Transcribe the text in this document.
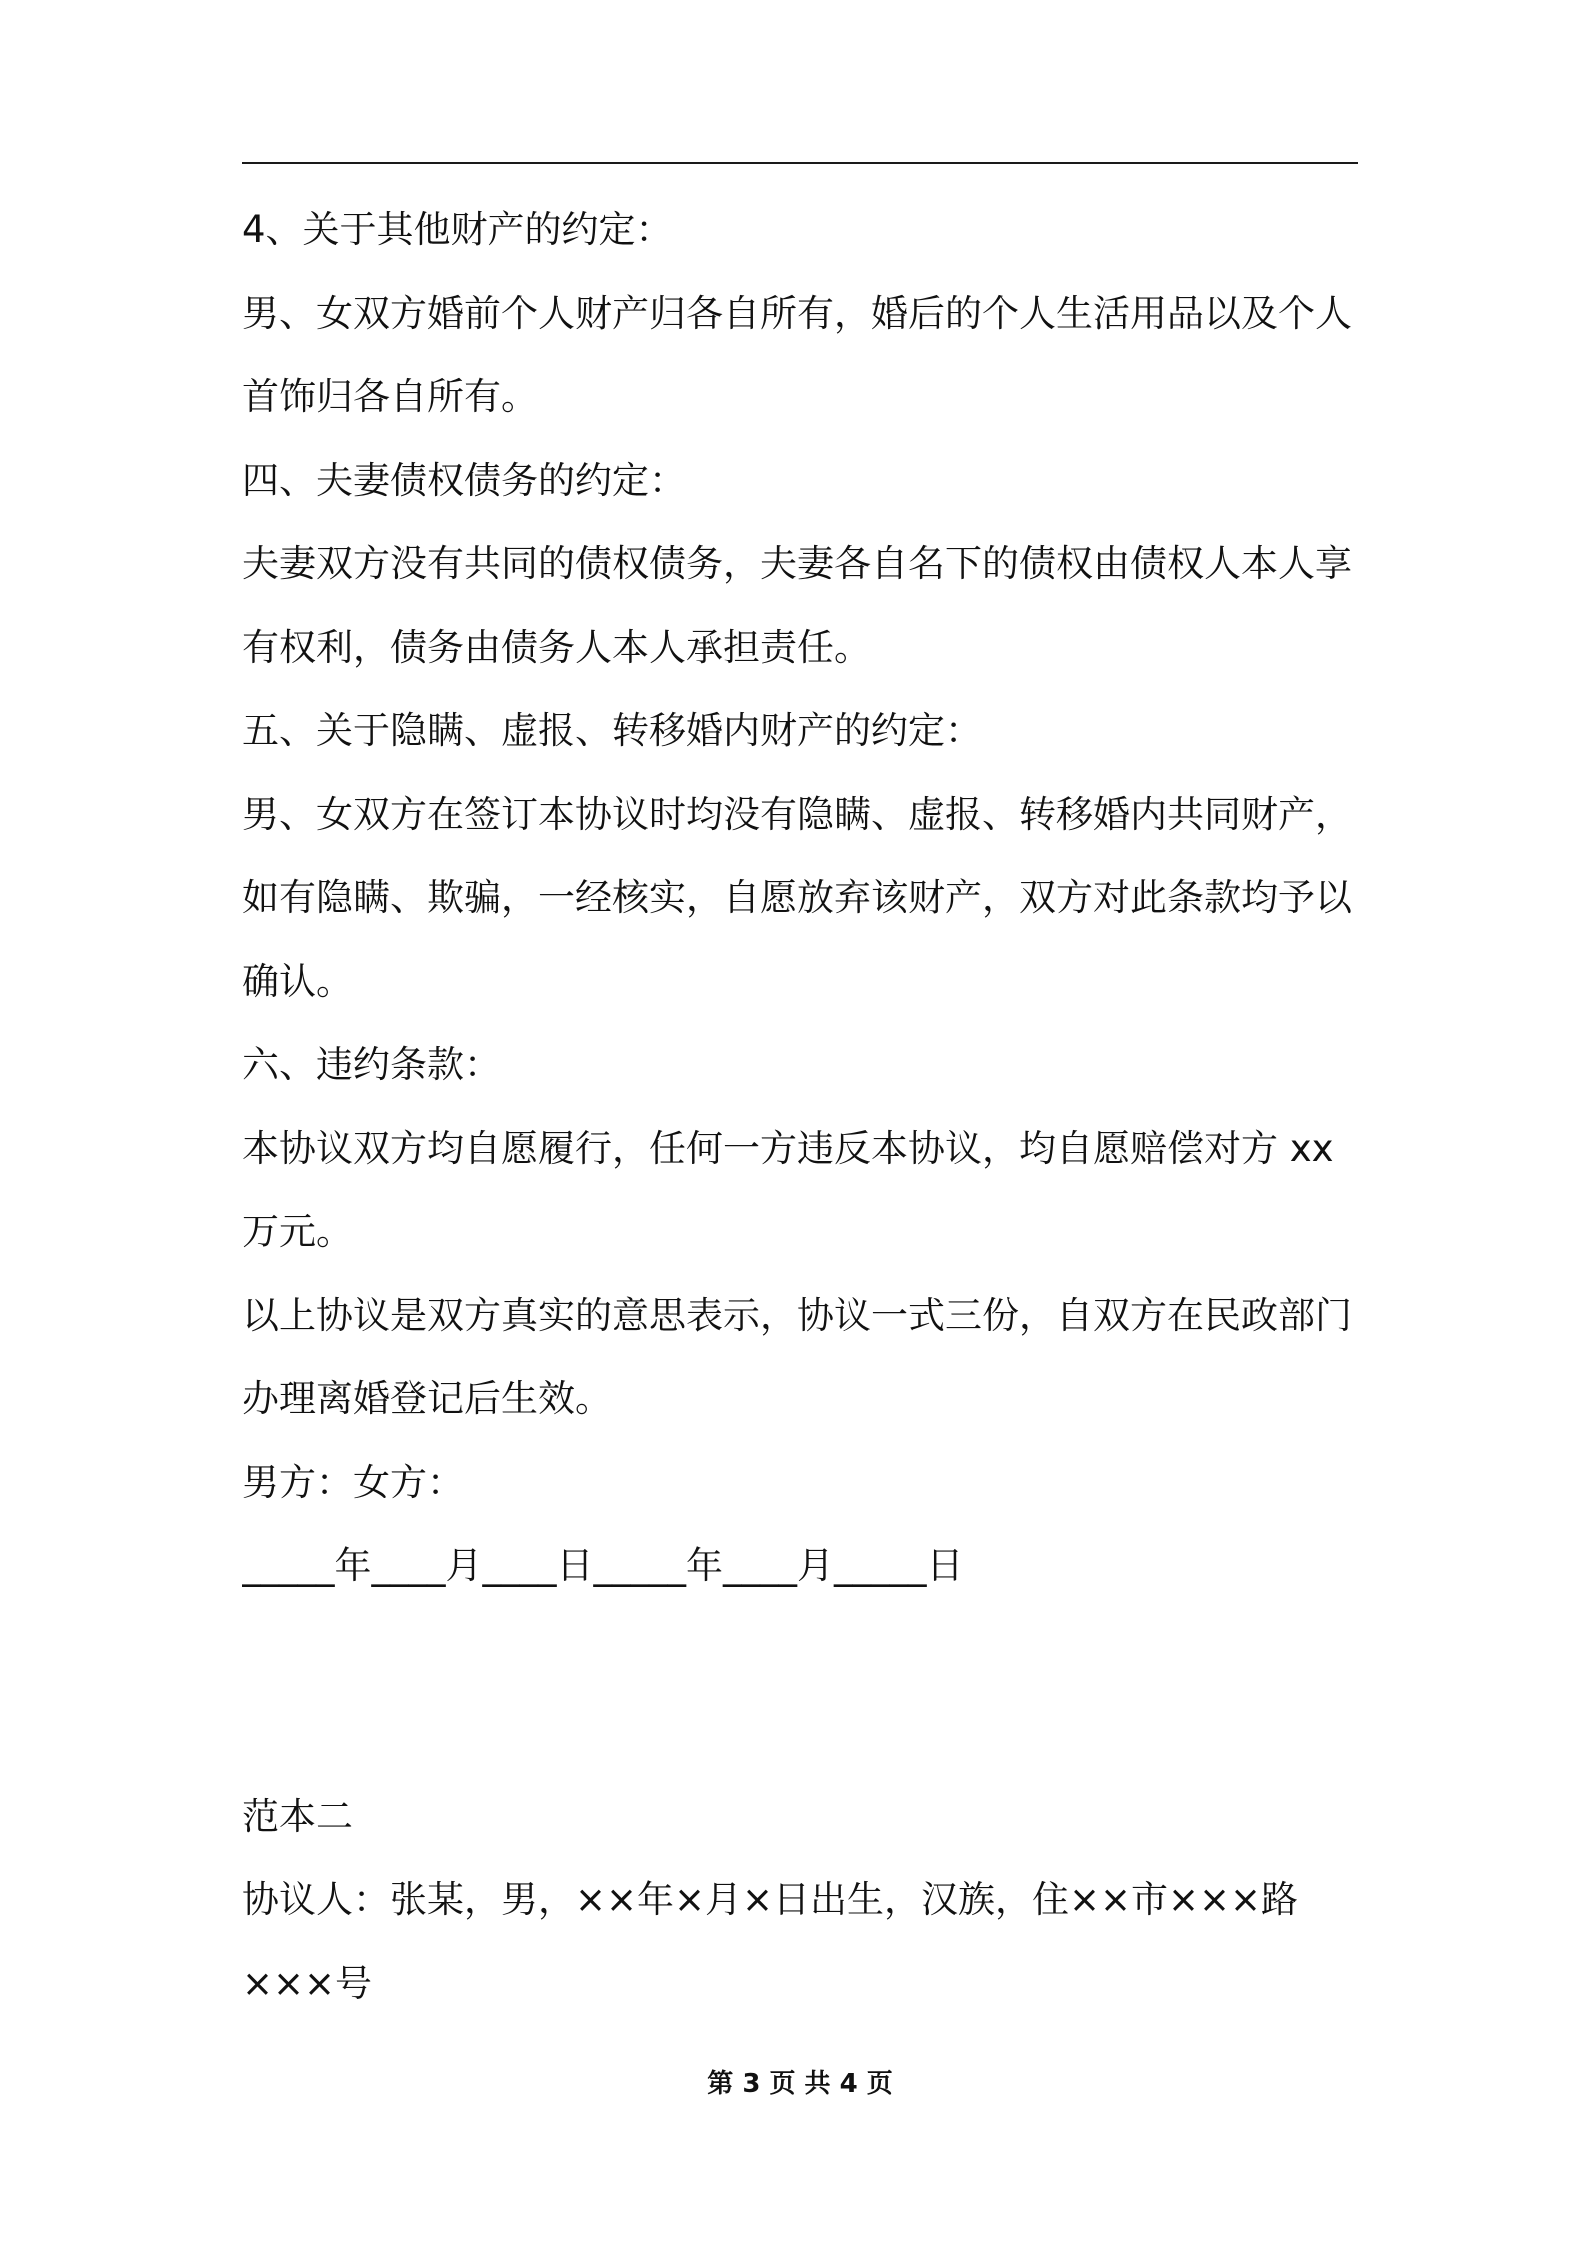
4、关于其他财产的约定：
男、女双方婚前个人财产归各自所有，婚后的个人生活用品以及个人
首饰归各自所有。
四、夫妻债权债务的约定：
夫妻双方没有共同的债权债务，夫妻各自名下的债权由债权人本人享
有权利，债务由债务人本人承担责任。
五、关于隐瞒、虚报、转移婚内财产的约定：
男、女双方在签订本协议时均没有隐瞒、虚报、转移婚内共同财产，
如有隐瞒、欺骗，一经核实，自愿放弃该财产，双方对此条款均予以
确认。
六、违约条款：
本协议双方均自愿履行，任何一方违反本协议，均自愿赔偿对方 xx
万元。
以上协议是双方真实的意思表示，协议一式三份，自双方在民政部门
办理离婚登记后生效。
男方：女方：
_____年____月____日_____年____月_____日
范本二
协议人：张某，男，××年×月×日出生，汉族，住××市×××路
×××号
第 3 页 共 4 页
